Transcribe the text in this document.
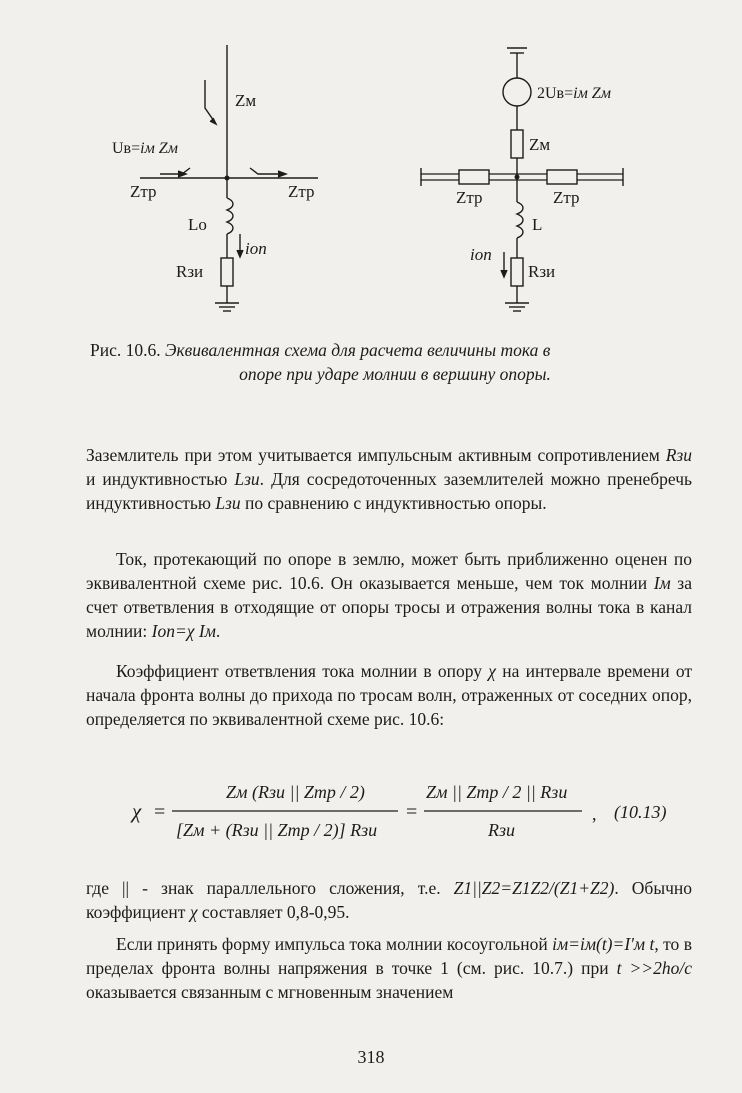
Zм
Uв=iм Zм
Zтр	Zтр
Lо
iоп
Rзи
2Uв=iм Zм
Zм
Zтр	Zтр
L
iоп
Rзи
Рис. 10.6. Эквивалентная схема для расчета величины тока в
опоре при ударе молнии в вершину опоры.

Заземлитель при этом учитывается импульсным активным сопротивлением Rзи и индуктивностью Lзи. Для сосредоточенных заземлителей можно пренебречь индуктивностью Lзи по сравнению с индуктивностью опоры.

Ток, протекающий по опоре в землю, может быть приближенно оценен по эквивалентной схеме рис. 10.6. Он оказывается меньше, чем ток молнии Iм за счет ответвления в отходящие от опоры тросы и отражения волны тока в канал молнии: Iоп=χ Iм.

Коэффициент ответвления тока молнии в опору χ на интервале времени от начала фронта волны до прихода по тросам волн, отраженных от соседних опор, определяется по эквивалентной схеме рис. 10.6:

χ =
Zм (Rзи || Zтр / 2)
[Zм + (Rзи || Zтр / 2)] Rзи
=
Zм || Zтр / 2 || Rзи
Rзи
, (10.13)

где || - знак параллельного сложения, т.е. Z1||Z2=Z1Z2/(Z1+Z2). Обычно коэффициент χ составляет 0,8-0,95.

Если принять форму импульса тока молнии косоугольной iм=iм(t)=I'м t, то в пределах фронта волны напряжения в точке 1 (см. рис. 10.7.) при t >>2hо/c оказывается связанным с мгновенным значением

318
